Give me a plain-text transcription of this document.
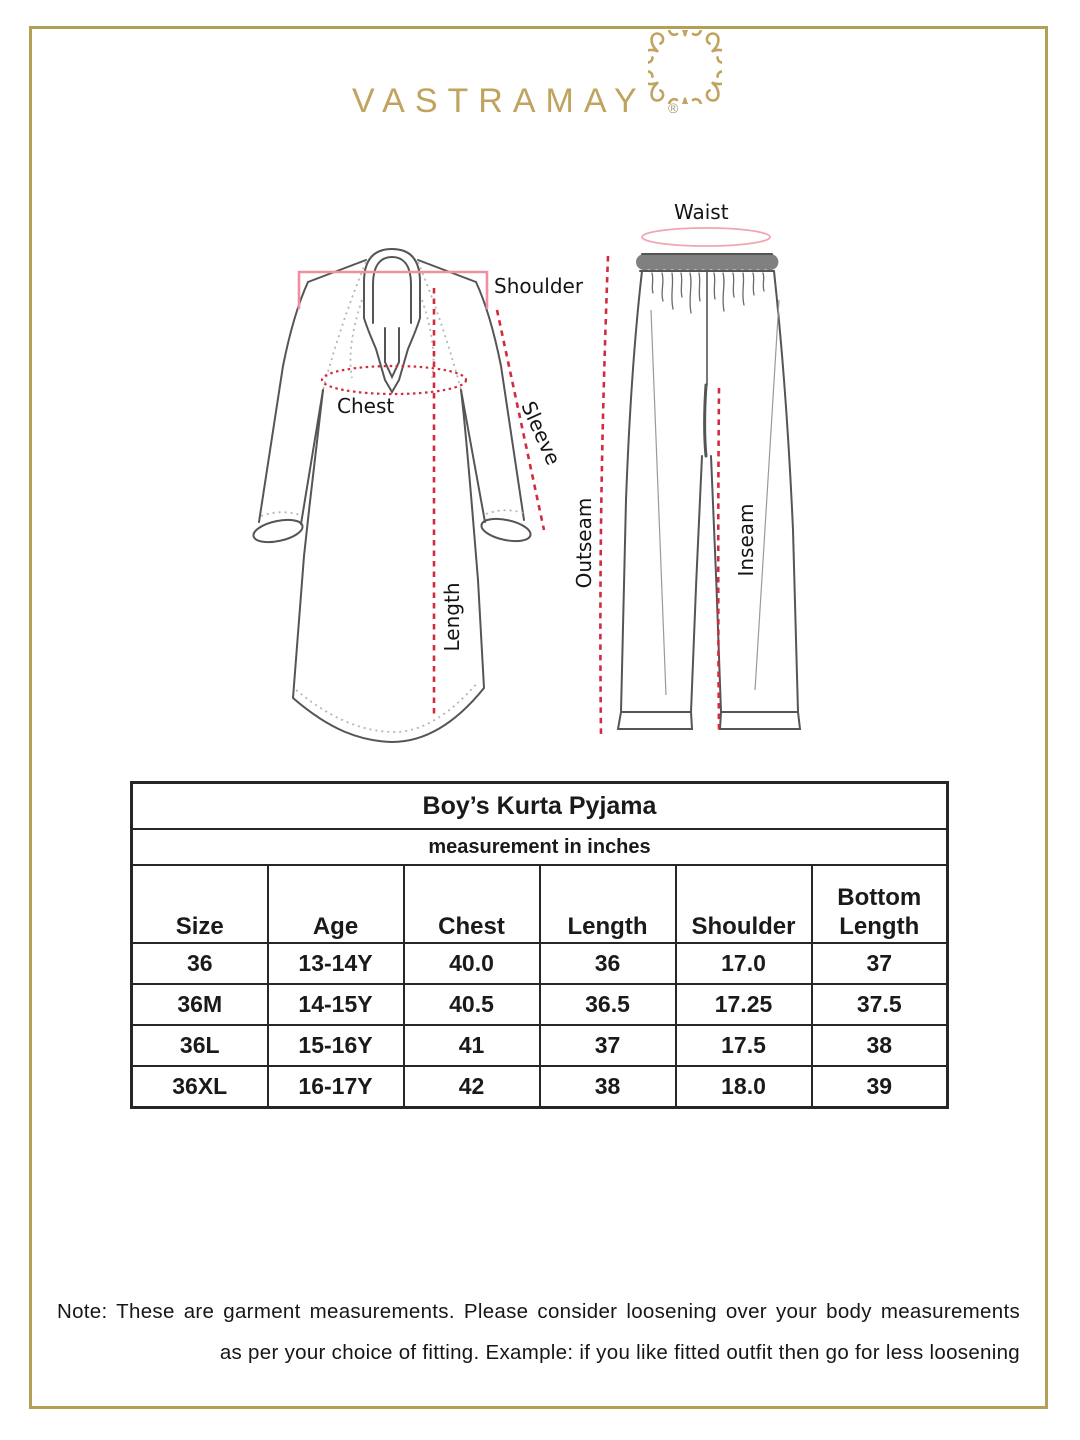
VASTRAMAY ®
Shoulder
Chest	Sleeve
Length
Waist
Outseam	Inseam
Boy’s Kurta Pyjama					
measurement in inches					
Size	Age	Chest	Length	Shoulder	Bottom Length
36	13-14Y	40.0	36	17.0	37
36M	14-15Y	40.5	36.5	17.25	37.5
36L	15-16Y	41	37	17.5	38
36XL	16-17Y	42	38	18.0	39
Note: These are garment measurements. Please consider loosening over your body measurements
as per your choice of fitting. Example: if you like fitted outfit then go for less loosening
